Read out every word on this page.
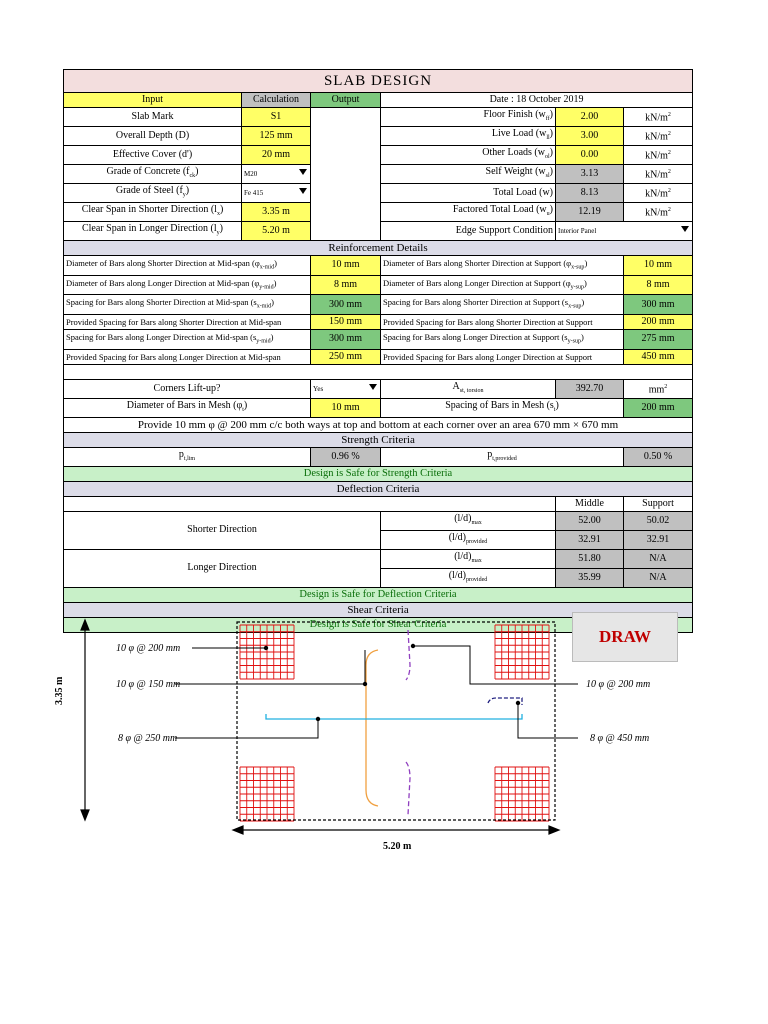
SLAB DESIGN					
Input	Calculation	Output	Date : 18 October 2019		
Slab Mark	S1		Floor Finish $(w_{ff})$	2.00	$kN/m^2$
Overall Depth (D)	125 mm		Live Load $(w_{ll})$	3.00	$kN/m^2$
Effective Cover (d')	20 mm		Other Loads $(w_{ol})$	0.00	$kN/m^2$
Grade of Concrete $(f_{ck})$	M20		Self Weight $(w_{sl})$	3.13	$kN/m^2$
Grade of Steel $(f_y)$	Fe 415		Total Load (w)	8.13	$kN/m^2$
Clear Span in Shorter Direction $(l_x)$	3.35 m		Factored Total Load $(w_u)$	12.19	$kN/m^2$
Clear Span in Longer Direction $(l_y)$	5.20 m		Edge Support Condition	Interior Panel	

Reinforcement Details					
Diameter of Bars along Shorter Direction at Mid-span $(\varphi_{x-mid})$		10 mm	Diameter of Bars along Shorter Direction at Support $(\varphi_{x-sup})$		10 mm
Diameter of Bars along Longer Direction at Mid-span $(\varphi_{y-mid})$		8 mm	Diameter of Bars along Longer Direction at Support $(\varphi_{y-sup})$		8 mm
Spacing for Bars along Shorter Direction at Mid-span $(s_{x-mid})$		300 mm	Spacing for Bars along Shorter Direction at Support $(s_{x-sup})$		300 mm
Provided Spacing for Bars along Shorter Direction at Mid-span		150 mm	Provided Spacing for Bars along Shorter Direction at Support		200 mm
Spacing for Bars along Longer Direction at Mid-span $(s_{y-mid})$		300 mm	Spacing for Bars along Longer Direction at Support $(s_{y-sup})$		275 mm
Provided Spacing for Bars along Longer Direction at Mid-span		250 mm	Provided Spacing for Bars along Longer Direction at Support		450 mm

Corners Lift-up?		Yes	$A_{st, torsion}$	392.70	$mm^2$
Diameter of Bars in Mesh $(\varphi_t)$		10 mm	Spacing of Bars in Mesh $(s_t)$		200 mm
Provide 10 mm φ @ 200 mm c/c both ways at top and bottom at each corner over an area 670 mm × 670 mm					
Strength Criteria					
$p_{t,lim}$		0.96 %	$p_{t,provided}$		0.50 %
Design is Safe for Strength Criteria					
Deflection Criteria					
				Middle	Support
Shorter Direction			$(l/d)_{max}$	52.00	50.02
			$(l/d)_{provided}$	32.91	32.91
Longer Direction			$(l/d)_{max}$	51.80	N/A
			$(l/d)_{provided}$	35.99	N/A
Design is Safe for Deflection Criteria					
Shear Criteria					
Design is Safe for Shear Criteria					
DRAW
3.35 m
5.20 m
10 φ @ 200 mm
10 φ @ 150 mm
8 φ @ 250 mm
10 φ @ 200 mm
8 φ @ 450 mm
